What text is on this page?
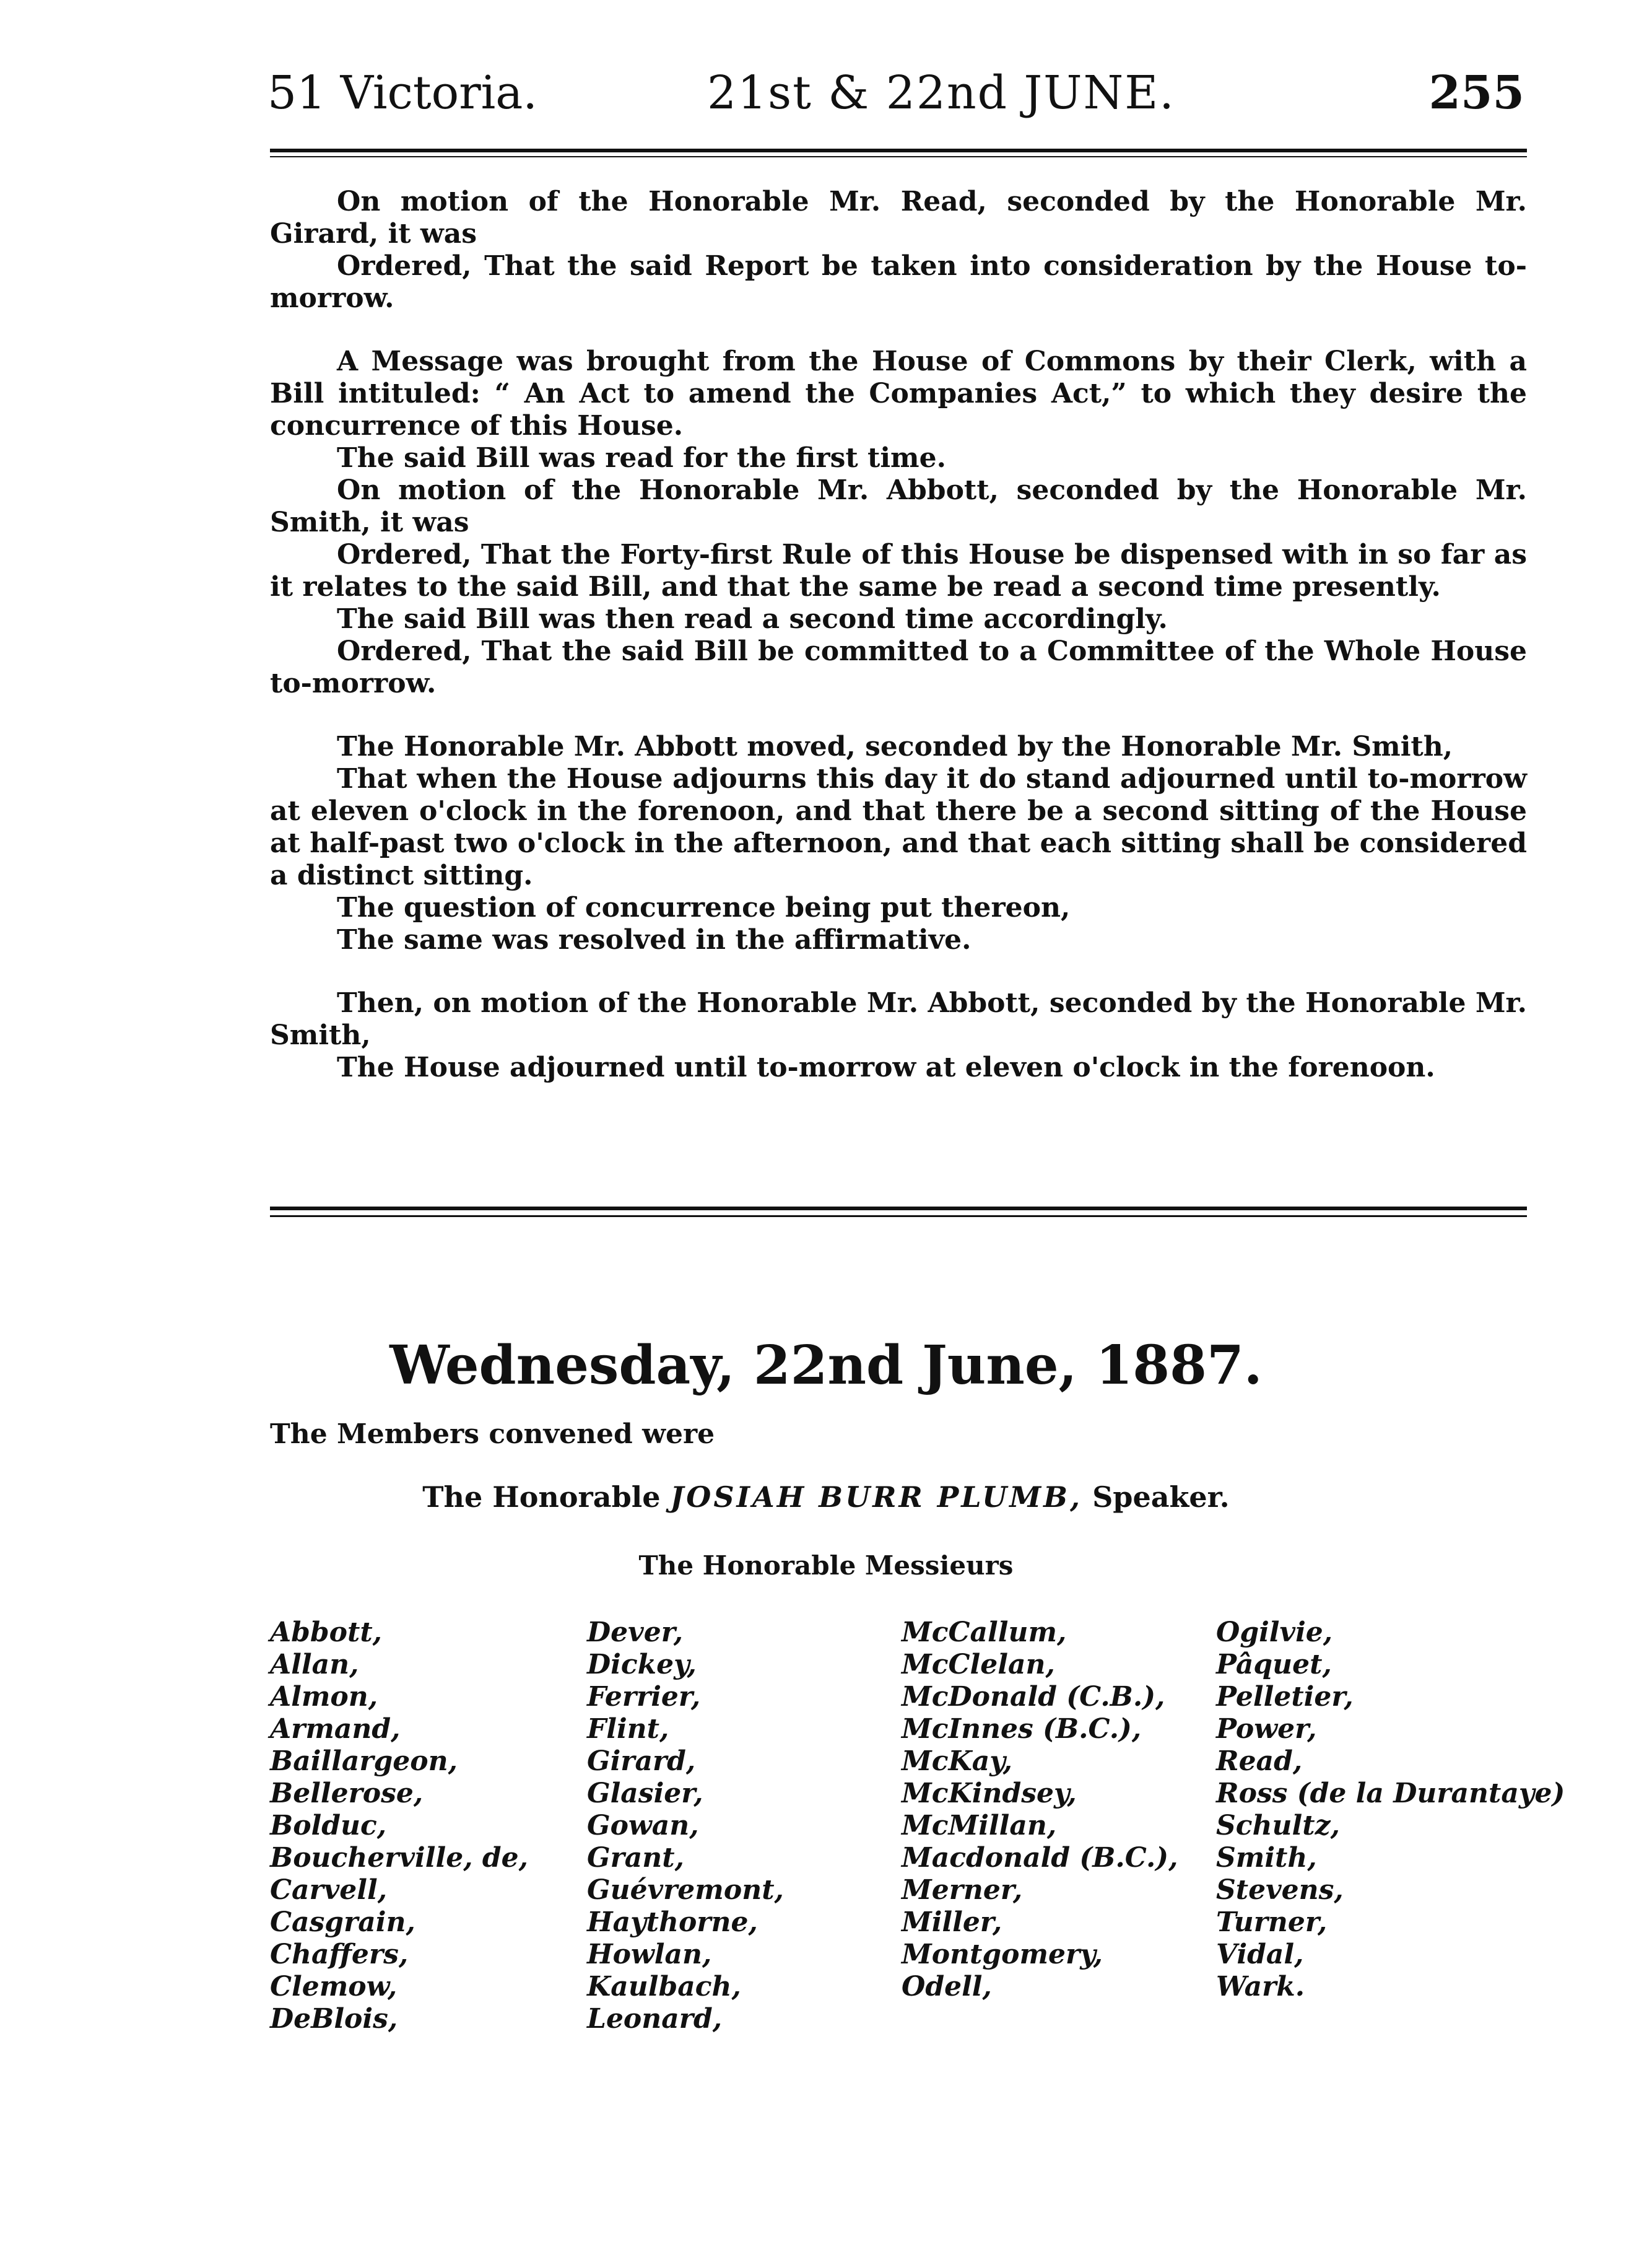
51 Victoria.	21st & 22nd JUNE.	255

On motion of the Honorable Mr. Read, seconded by the Honorable Mr. Girard, it was

Ordered, That the said Report be taken into consideration by the House to-morrow.

A Message was brought from the House of Commons by their Clerk, with a Bill intituled: “ An Act to amend the Companies Act,” to which they desire the concurrence of this House.

The said Bill was read for the first time.

On motion of the Honorable Mr. Abbott, seconded by the Honorable Mr. Smith, it was

Ordered, That the Forty-first Rule of this House be dispensed with in so far as it relates to the said Bill, and that the same be read a second time presently.

The said Bill was then read a second time accordingly.

Ordered, That the said Bill be committed to a Committee of the Whole House to-morrow.

The Honorable Mr. Abbott moved, seconded by the Honorable Mr. Smith,

That when the House adjourns this day it do stand adjourned until to-morrow at eleven o'clock in the forenoon, and that there be a second sitting of the House at half-past two o'clock in the afternoon, and that each sitting shall be considered a distinct sitting.

The question of concurrence being put thereon,

The same was resolved in the affirmative.

Then, on motion of the Honorable Mr. Abbott, seconded by the Honorable Mr. Smith,

The House adjourned until to-morrow at eleven o'clock in the forenoon.

Wednesday, 22nd June, 1887.
The Members convened were
The Honorable JOSIAH BURR PLUMB, Speaker.
The Honorable Messieurs
Abbott,
Allan,
Almon,
Armand,
Baillargeon,
Bellerose,
Bolduc,
Boucherville, de,
Carvell,
Casgrain,
Chaffers,
Clemow,
DeBlois,
Dever,
Dickey,
Ferrier,
Flint,
Girard,
Glasier,
Gowan,
Grant,
Guévremont,
Haythorne,
Howlan,
Kaulbach,
Leonard,
McCallum,
McClelan,
McDonald (C.B.),
McInnes (B.C.),
McKay,
McKindsey,
McMillan,
Macdonald (B.C.),
Merner,
Miller,
Montgomery,
Odell,
Ogilvie,
Pâquet,
Pelletier,
Power,
Read,
Ross (de la Durantaye)
Schultz,
Smith,
Stevens,
Turner,
Vidal,
Wark.
